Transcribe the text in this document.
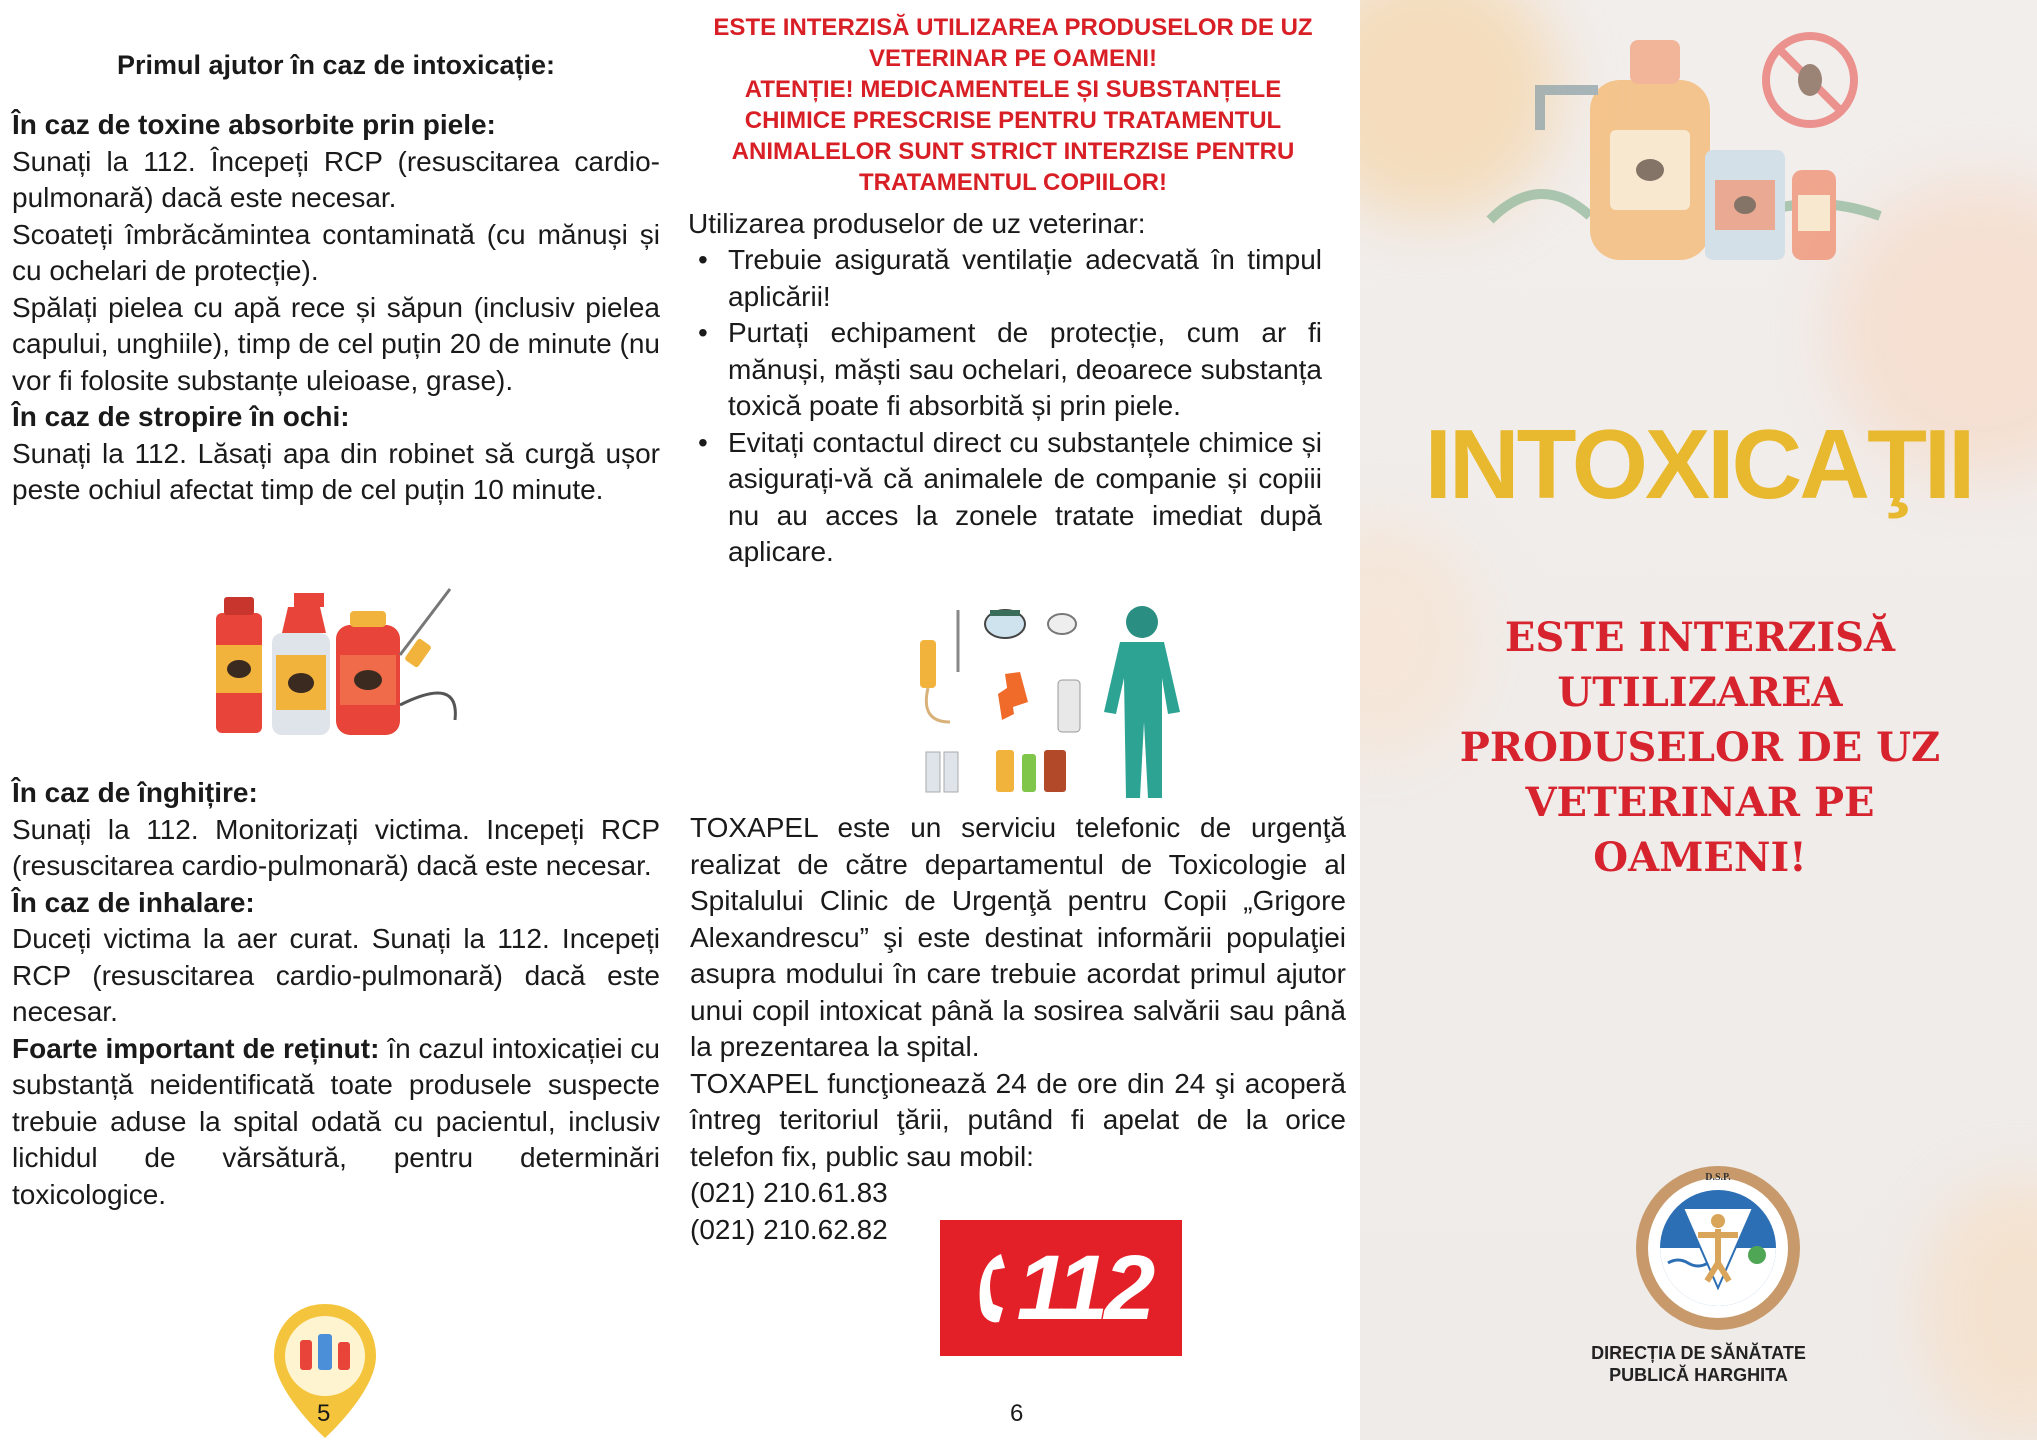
Primul ajutor în caz de intoxicație:
În caz de toxine absorbite prin piele:

Sunați la 112. Începeți RCP (resuscitarea cardio-pulmonară) dacă este necesar.

Scoateți îmbrăcămintea contaminată (cu mănuși și cu ochelari de protecție).

Spălați pielea cu apă rece și săpun (inclusiv pielea capului, unghiile), timp de cel puțin 20 de minute (nu vor fi folosite substanțe uleioase, grase).

În caz de stropire în ochi:

Sunați la 112. Lăsați apa din robinet să curgă ușor peste ochiul afectat timp de cel puțin 10 minute.

În caz de înghițire:

Sunați la 112. Monitorizați victima. Incepeți RCP (resuscitarea cardio-pulmonară) dacă este necesar.

În caz de inhalare:

Duceți victima la aer curat. Sunați la 112. Incepeți RCP (resuscitarea cardio-pulmonară) dacă este necesar.

Foarte important de reținut: în cazul intoxicației cu substanță neidentificată toate produsele suspecte trebuie aduse la spital odată cu pacientul, inclusiv lichidul de vărsătură, pentru determinări toxicologice.

5

ESTE INTERZISĂ UTILIZAREA PRODUSELOR DE UZ VETERINAR PE OAMENI!

ATENȚIE! MEDICAMENTELE ȘI SUBSTANȚELE CHIMICE PRESCRISE PENTRU TRATAMENTUL ANIMALELOR SUNT STRICT INTERZISE PENTRU TRATAMENTUL COPIILOR!

Utilizarea produselor de uz veterinar:

• Trebuie asigurată ventilație adecvată în timpul aplicării!
• Purtați echipament de protecție, cum ar fi mănuși, măști sau ochelari, deoarece substanța toxică poate fi absorbită și prin piele.
• Evitați contactul direct cu substanțele chimice și asigurați-vă că animalele de companie și copiii nu au acces la zonele tratate imediat după aplicare.

TOXAPEL este un serviciu telefonic de urgenţă realizat de către departamentul de Toxicologie al Spitalului Clinic de Urgenţă pentru Copii „Grigore Alexandrescu” şi este destinat informării populaţiei asupra modului în care trebuie acordat primul ajutor unui copil intoxicat până la sosirea salvării sau până la prezentarea la spital.

TOXAPEL funcţionează 24 de ore din 24 şi acoperă întreg teritoriul ţării, putând fi apelat de la orice telefon fix, public sau mobil:

(021) 210.61.83
(021) 210.62.82
112
6
INTOXICAŢII
ESTE INTERZISĂ UTILIZAREA PRODUSELOR DE UZ VETERINAR PE OAMENI!
D.S.P.
DIRECȚIA DE SĂNĂTATE
PUBLICĂ HARGHITA
